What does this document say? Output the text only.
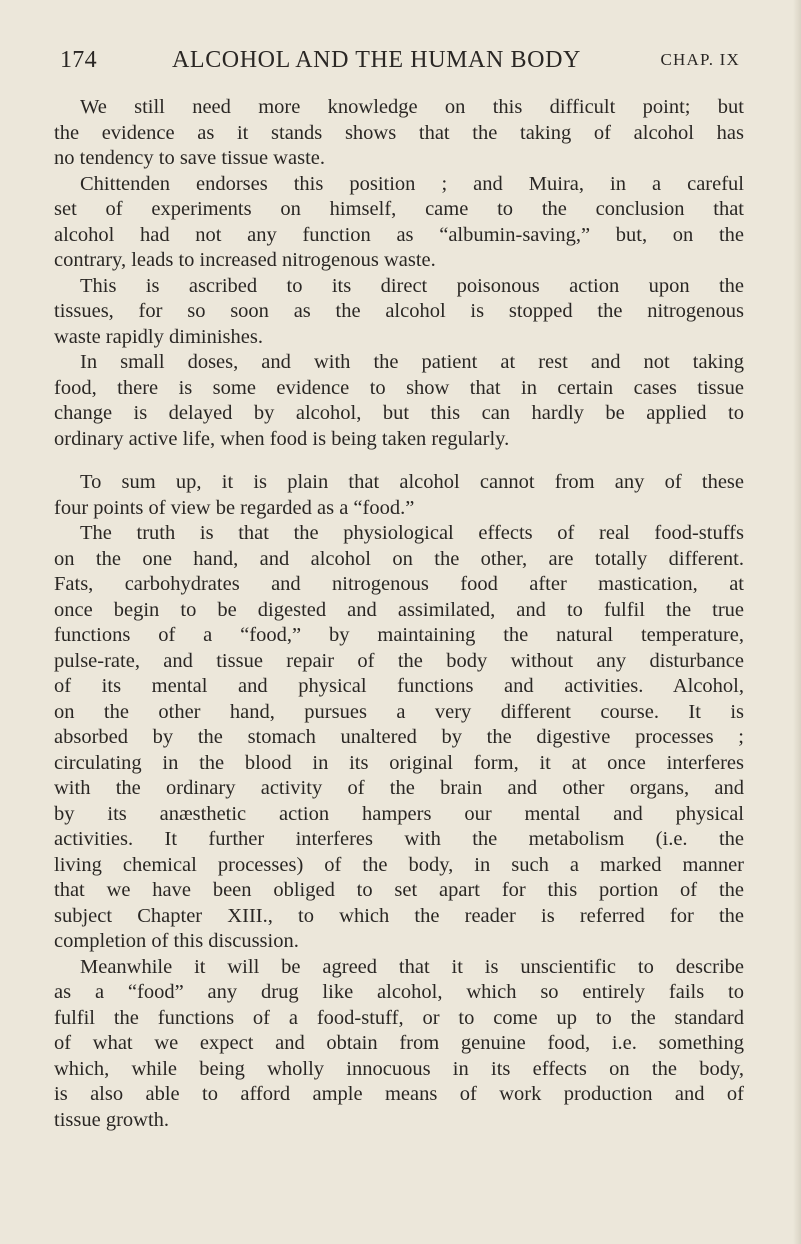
174	ALCOHOL AND THE HUMAN BODY	CHAP. IX
We still need more knowledge on this difficult point; but
the evidence as it stands shows that the taking of alcohol has
no tendency to save tissue waste.
Chittenden endorses this position ; and Muira, in a careful
set of experiments on himself, came to the conclusion that
alcohol had not any function as “albumin-saving,” but, on the
contrary, leads to increased nitrogenous waste.
This is ascribed to its direct poisonous action upon the
tissues, for so soon as the alcohol is stopped the nitrogenous
waste rapidly diminishes.
In small doses, and with the patient at rest and not taking
food, there is some evidence to show that in certain cases tissue
change is delayed by alcohol, but this can hardly be applied to
ordinary active life, when food is being taken regularly.
To sum up, it is plain that alcohol cannot from any of these
four points of view be regarded as a “food.”
The truth is that the physiological effects of real food-stuffs
on the one hand, and alcohol on the other, are totally different.
Fats, carbohydrates and nitrogenous food after mastication, at
once begin to be digested and assimilated, and to fulfil the true
functions of a “food,” by maintaining the natural temperature,
pulse-rate, and tissue repair of the body without any disturbance
of its mental and physical functions and activities. Alcohol,
on the other hand, pursues a very different course. It is
absorbed by the stomach unaltered by the digestive processes ;
circulating in the blood in its original form, it at once interferes
with the ordinary activity of the brain and other organs, and
by its anæsthetic action hampers our mental and physical
activities. It further interferes with the metabolism (i.e. the
living chemical processes) of the body, in such a marked manner
that we have been obliged to set apart for this portion of the
subject Chapter XIII., to which the reader is referred for the
completion of this discussion.
Meanwhile it will be agreed that it is unscientific to describe
as a “food” any drug like alcohol, which so entirely fails to
fulfil the functions of a food-stuff, or to come up to the standard
of what we expect and obtain from genuine food, i.e. something
which, while being wholly innocuous in its effects on the body,
is also able to afford ample means of work production and of
tissue growth.
